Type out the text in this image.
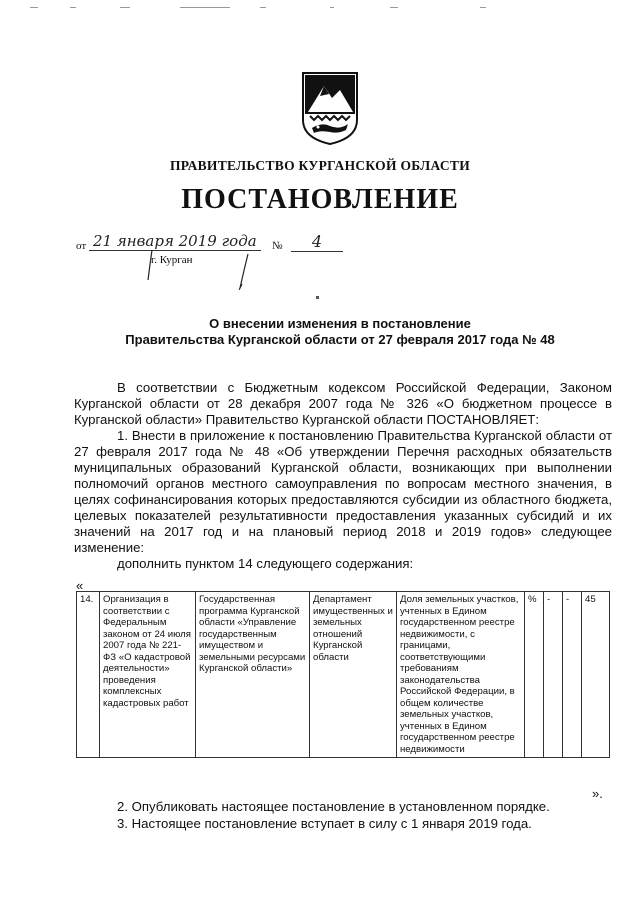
ПРАВИТЕЛЬСТВО КУРГАНСКОЙ ОБЛАСТИ
ПОСТАНОВЛЕНИЕ
от 21 января 2019 года	№	4
г. Курган
О внесении изменения в постановление
Правительства Курганской области от 27 февраля 2017 года № 48

В соответствии с Бюджетным кодексом Российской Федерации, Законом Курганской области от 28 декабря 2007 года № 326 «О бюджетном процессе в Курганской области» Правительство Курганской области ПОСТАНОВЛЯЕТ:

1. Внести в приложение к постановлению Правительства Курганской области от 27 февраля 2017 года № 48 «Об утверждении Перечня расходных обязательств муниципальных образований Курганской области, возникающих при выполнении полномочий органов местного самоуправления по вопросам местного значения, в целях софинансирования которых предоставляются субсидии из областного бюджета, целевых показателей результативности предоставления указанных субсидий и их значений на 2017 год и на плановый период 2018 и 2019 годов» следующее изменение:

дополнить пунктом 14 следующего содержания:

«
14.	Организация в соответствии с Федеральным законом от 24 июля 2007 года № 221-ФЗ «О кадастровой деятельности» проведения комплексных кадастровых работ	Государственная программа Курганской области «Управление государственным имуществом и земельными ресурсами Курганской области»	Департамент имущественных и земельных отношений Курганской области	Доля земельных участков, учтенных в Едином государственном реестре недвижимости, с границами, соответствующими требованиям законодательства Российской Федерации, в общем количестве земельных участков, учтенных в Едином государственном реестре недвижимости	%	-	-	45
».

2. Опубликовать настоящее постановление в установленном порядке.

3. Настоящее постановление вступает в силу с 1 января 2019 года.
